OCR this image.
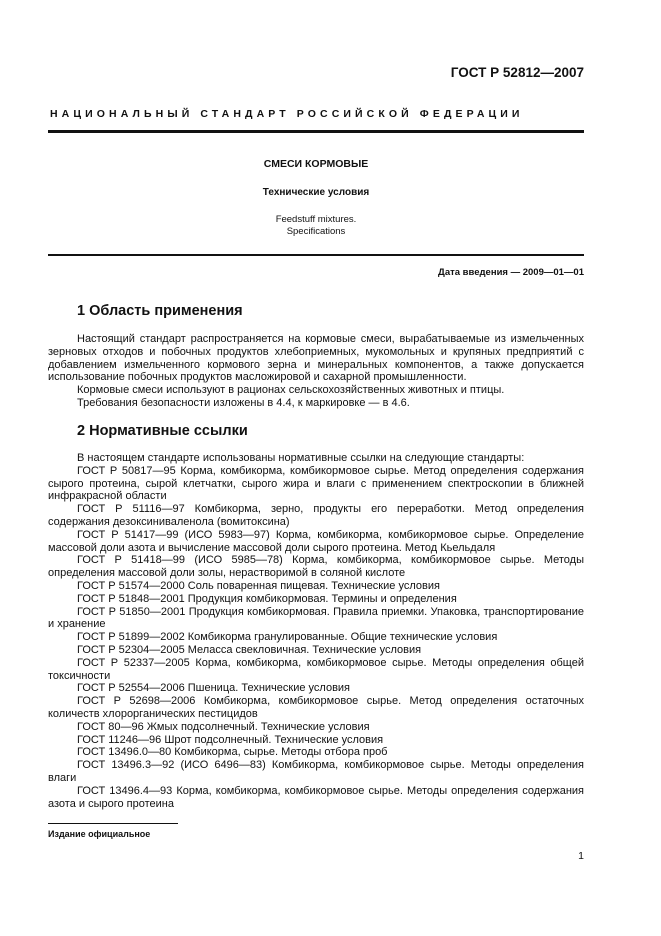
ГОСТ Р 52812—2007
НАЦИОНАЛЬНЫЙ СТАНДАРТ РОССИЙСКОЙ ФЕДЕРАЦИИ
СМЕСИ КОРМОВЫЕ
Технические условия
Feedstuff mixtures.
Specifications
Дата введения — 2009—01—01
1 Область применения

Настоящий стандарт распространяется на кормовые смеси, вырабатываемые из измельченных зерновых отходов и побочных продуктов хлебоприемных, мукомольных и крупяных предприятий с добавлением измельченного кормового зерна и минеральных компонентов, а также допускается использование побочных продуктов масложировой и сахарной промышленности.

Кормовые смеси используют в рационах сельскохозяйственных животных и птицы.

Требования безопасности изложены в 4.4, к маркировке — в 4.6.

2 Нормативные ссылки

В настоящем стандарте использованы нормативные ссылки на следующие стандарты:

ГОСТ Р 50817—95 Корма, комбикорма, комбикормовое сырье. Метод определения содержания сырого протеина, сырой клетчатки, сырого жира и влаги с применением спектроскопии в ближней инфракрасной области

ГОСТ Р 51116—97 Комбикорма, зерно, продукты его переработки. Метод определения содержания дезоксиниваленола (вомитоксина)

ГОСТ Р 51417—99 (ИСО 5983—97) Корма, комбикорма, комбикормовое сырье. Определение массовой доли азота и вычисление массовой доли сырого протеина. Метод Кьельдаля

ГОСТ Р 51418—99 (ИСО 5985—78) Корма, комбикорма, комбикормовое сырье. Методы определения массовой доли золы, нерастворимой в соляной кислоте

ГОСТ Р 51574—2000 Соль поваренная пищевая. Технические условия

ГОСТ Р 51848—2001 Продукция комбикормовая. Термины и определения

ГОСТ Р 51850—2001 Продукция комбикормовая. Правила приемки. Упаковка, транспортирование и хранение

ГОСТ Р 51899—2002 Комбикорма гранулированные. Общие технические условия

ГОСТ Р 52304—2005 Меласса свекловичная. Технические условия

ГОСТ Р 52337—2005 Корма, комбикорма, комбикормовое сырье. Методы определения общей токсичности

ГОСТ Р 52554—2006 Пшеница. Технические условия

ГОСТ Р 52698—2006 Комбикорма, комбикормовое сырье. Метод определения остаточных количеств хлорорганических пестицидов

ГОСТ 80—96 Жмых подсолнечный. Технические условия

ГОСТ 11246—96 Шрот подсолнечный. Технические условия

ГОСТ 13496.0—80 Комбикорма, сырье. Методы отбора проб

ГОСТ 13496.3—92 (ИСО 6496—83) Комбикорма, комбикормовое сырье. Методы определения влаги

ГОСТ 13496.4—93 Корма, комбикорма, комбикормовое сырье. Методы определения содержания азота и сырого протеина

Издание официальное
1
